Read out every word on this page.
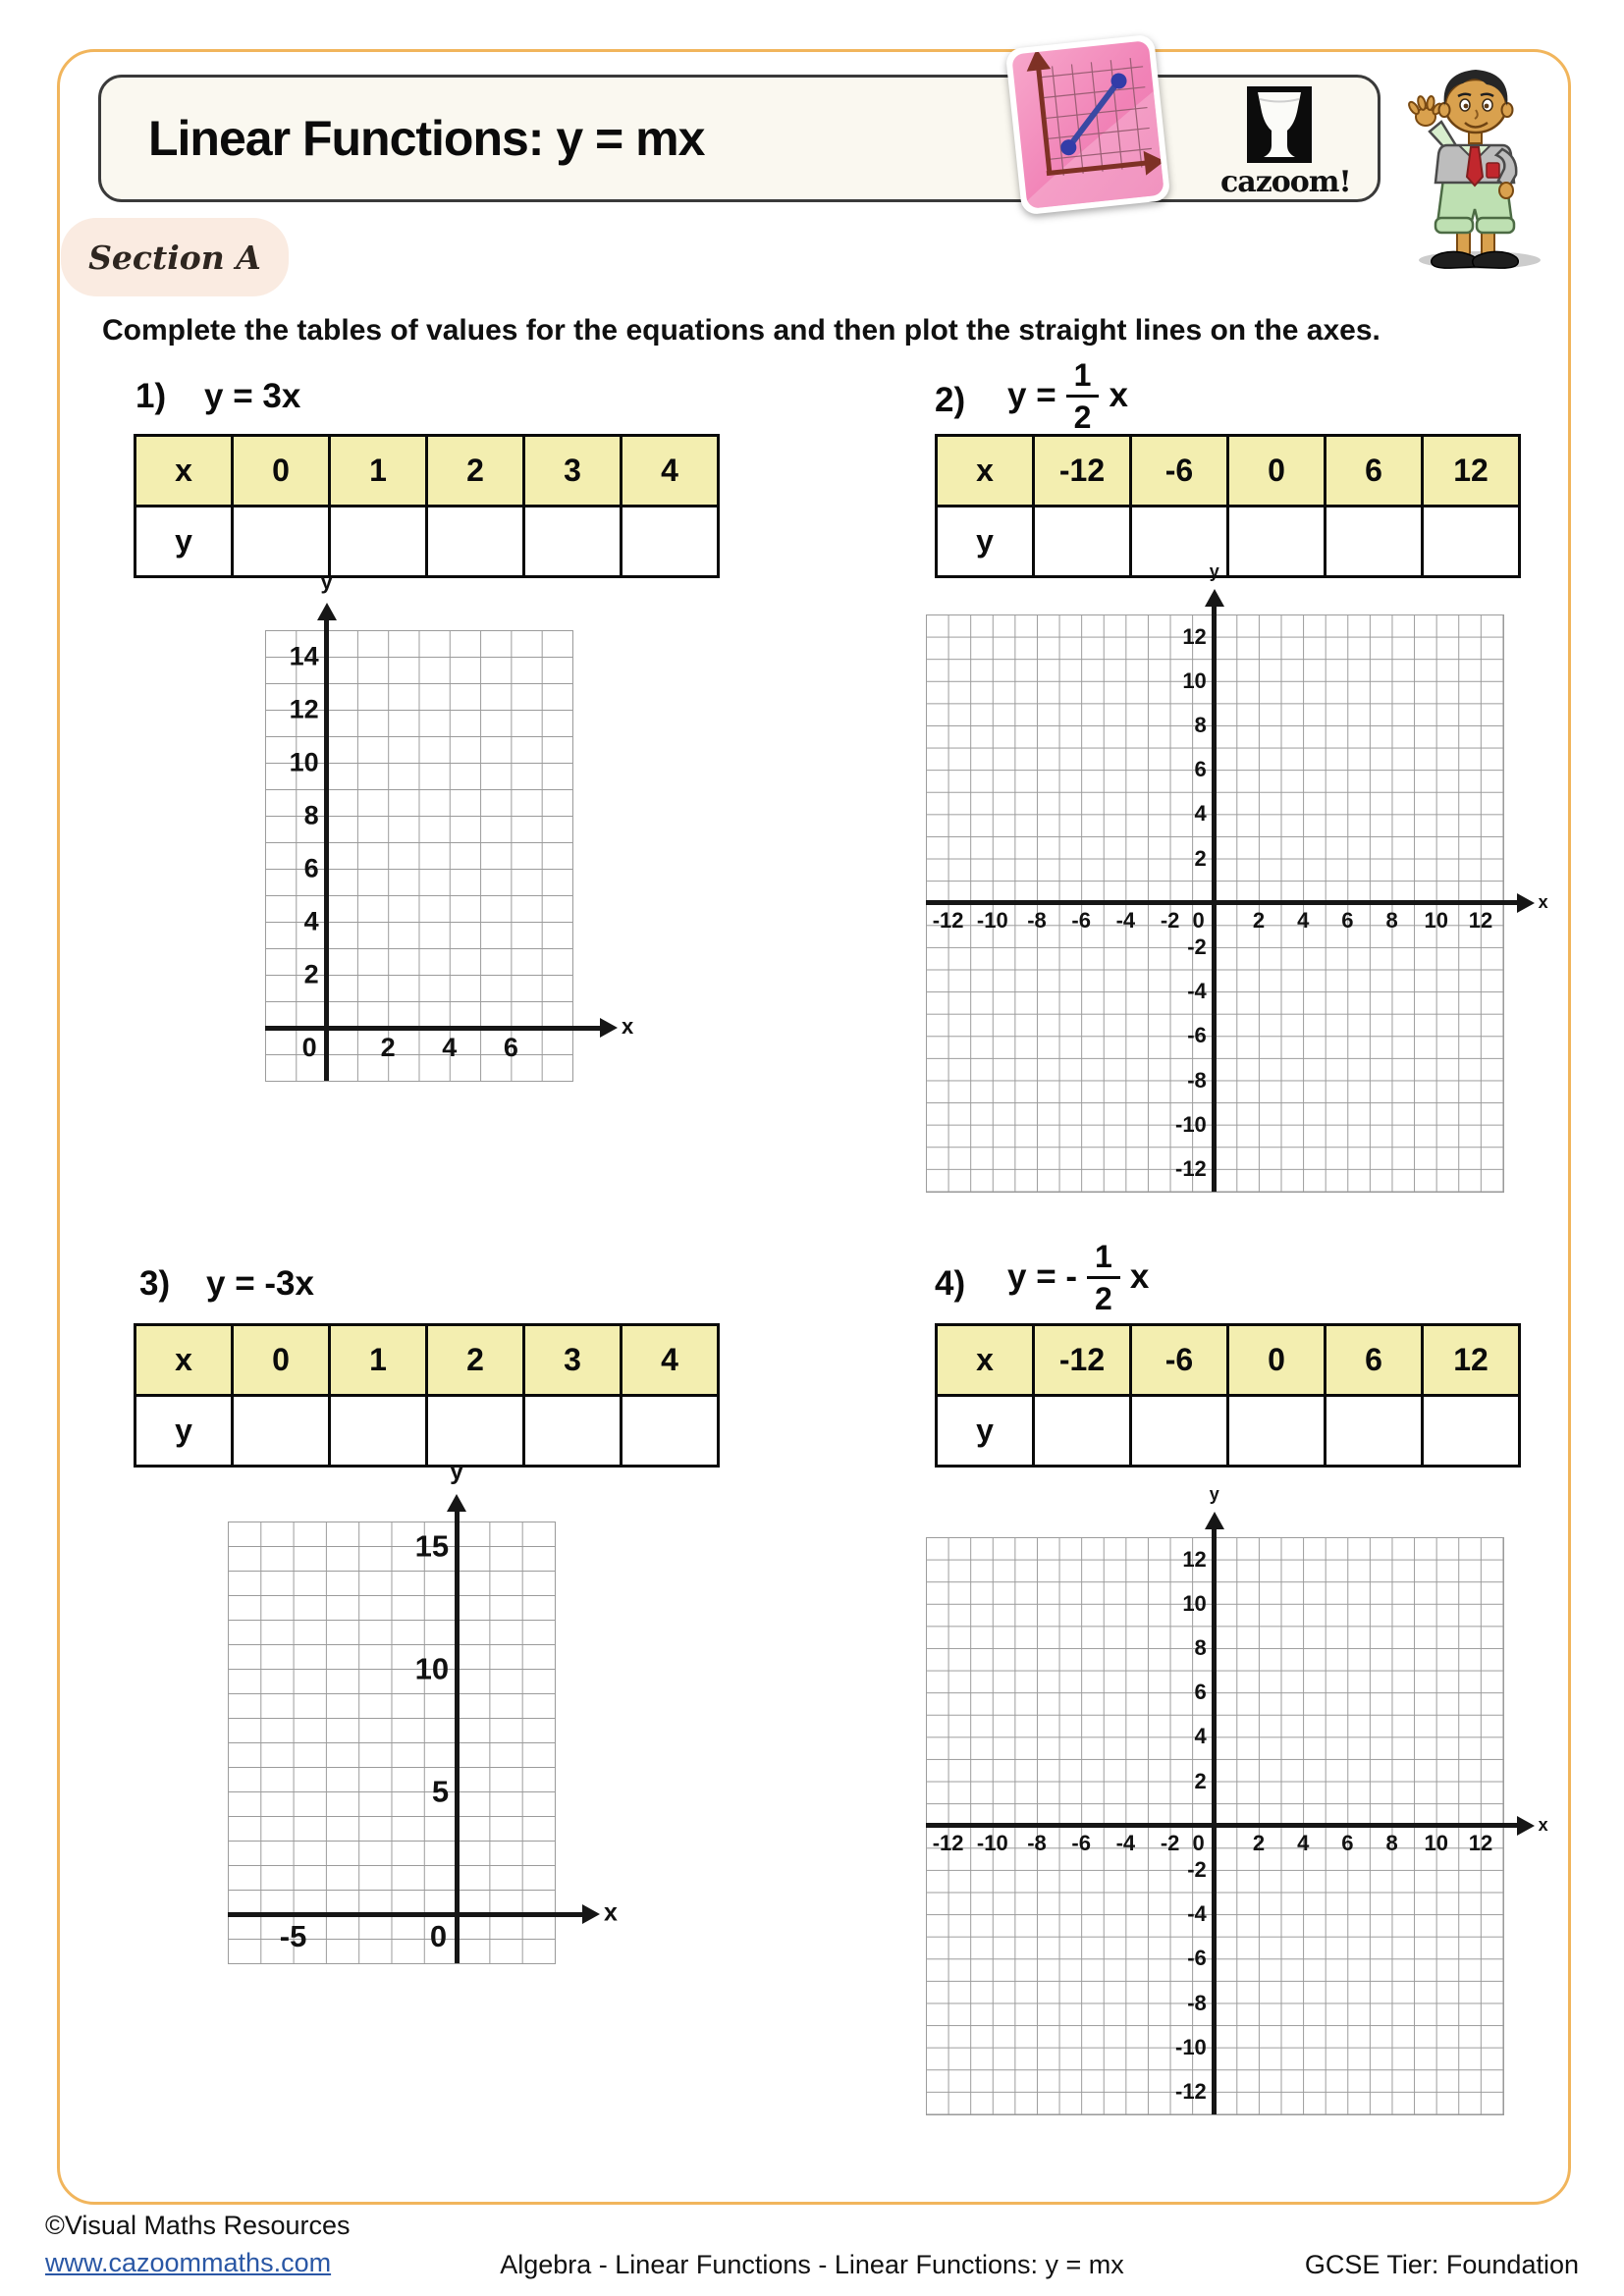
Linear Functions: y = mx
cazoom!
Section A
Complete the tables of values for the equations and then plot the straight lines on the axes.
1) y = 3x
x	0	1	2	3	4
y					
x
y
2 4 6
2
4
6
8
10
12
14
0
2) $y = \frac{1}{2}$ x
x	-12	-6	0	6	12
y					
x
y
-12 -10 -8 -6 -4 -2	2 4 6 8 10 12
-12
-10
-8
-6
-4
-2
2
4
6
8
10
12
0
3) y = -3x
x	0	1	2	3	4
y					
x
y
-5
5
10
15
0
4) y = - $\frac{1}{2}$ x
x	-12	-6	0	6	12
y					
x
y
-12 -10 -8 -6 -4 -2	2 4 6 8 10 12
-12
-10
-8
-6
-4
-2
2
4
6
8
10
12
0
©Visual Maths Resources
www.cazoommaths.com	Algebra - Linear Functions - Linear Functions: y = mx	GCSE Tier: Foundation
